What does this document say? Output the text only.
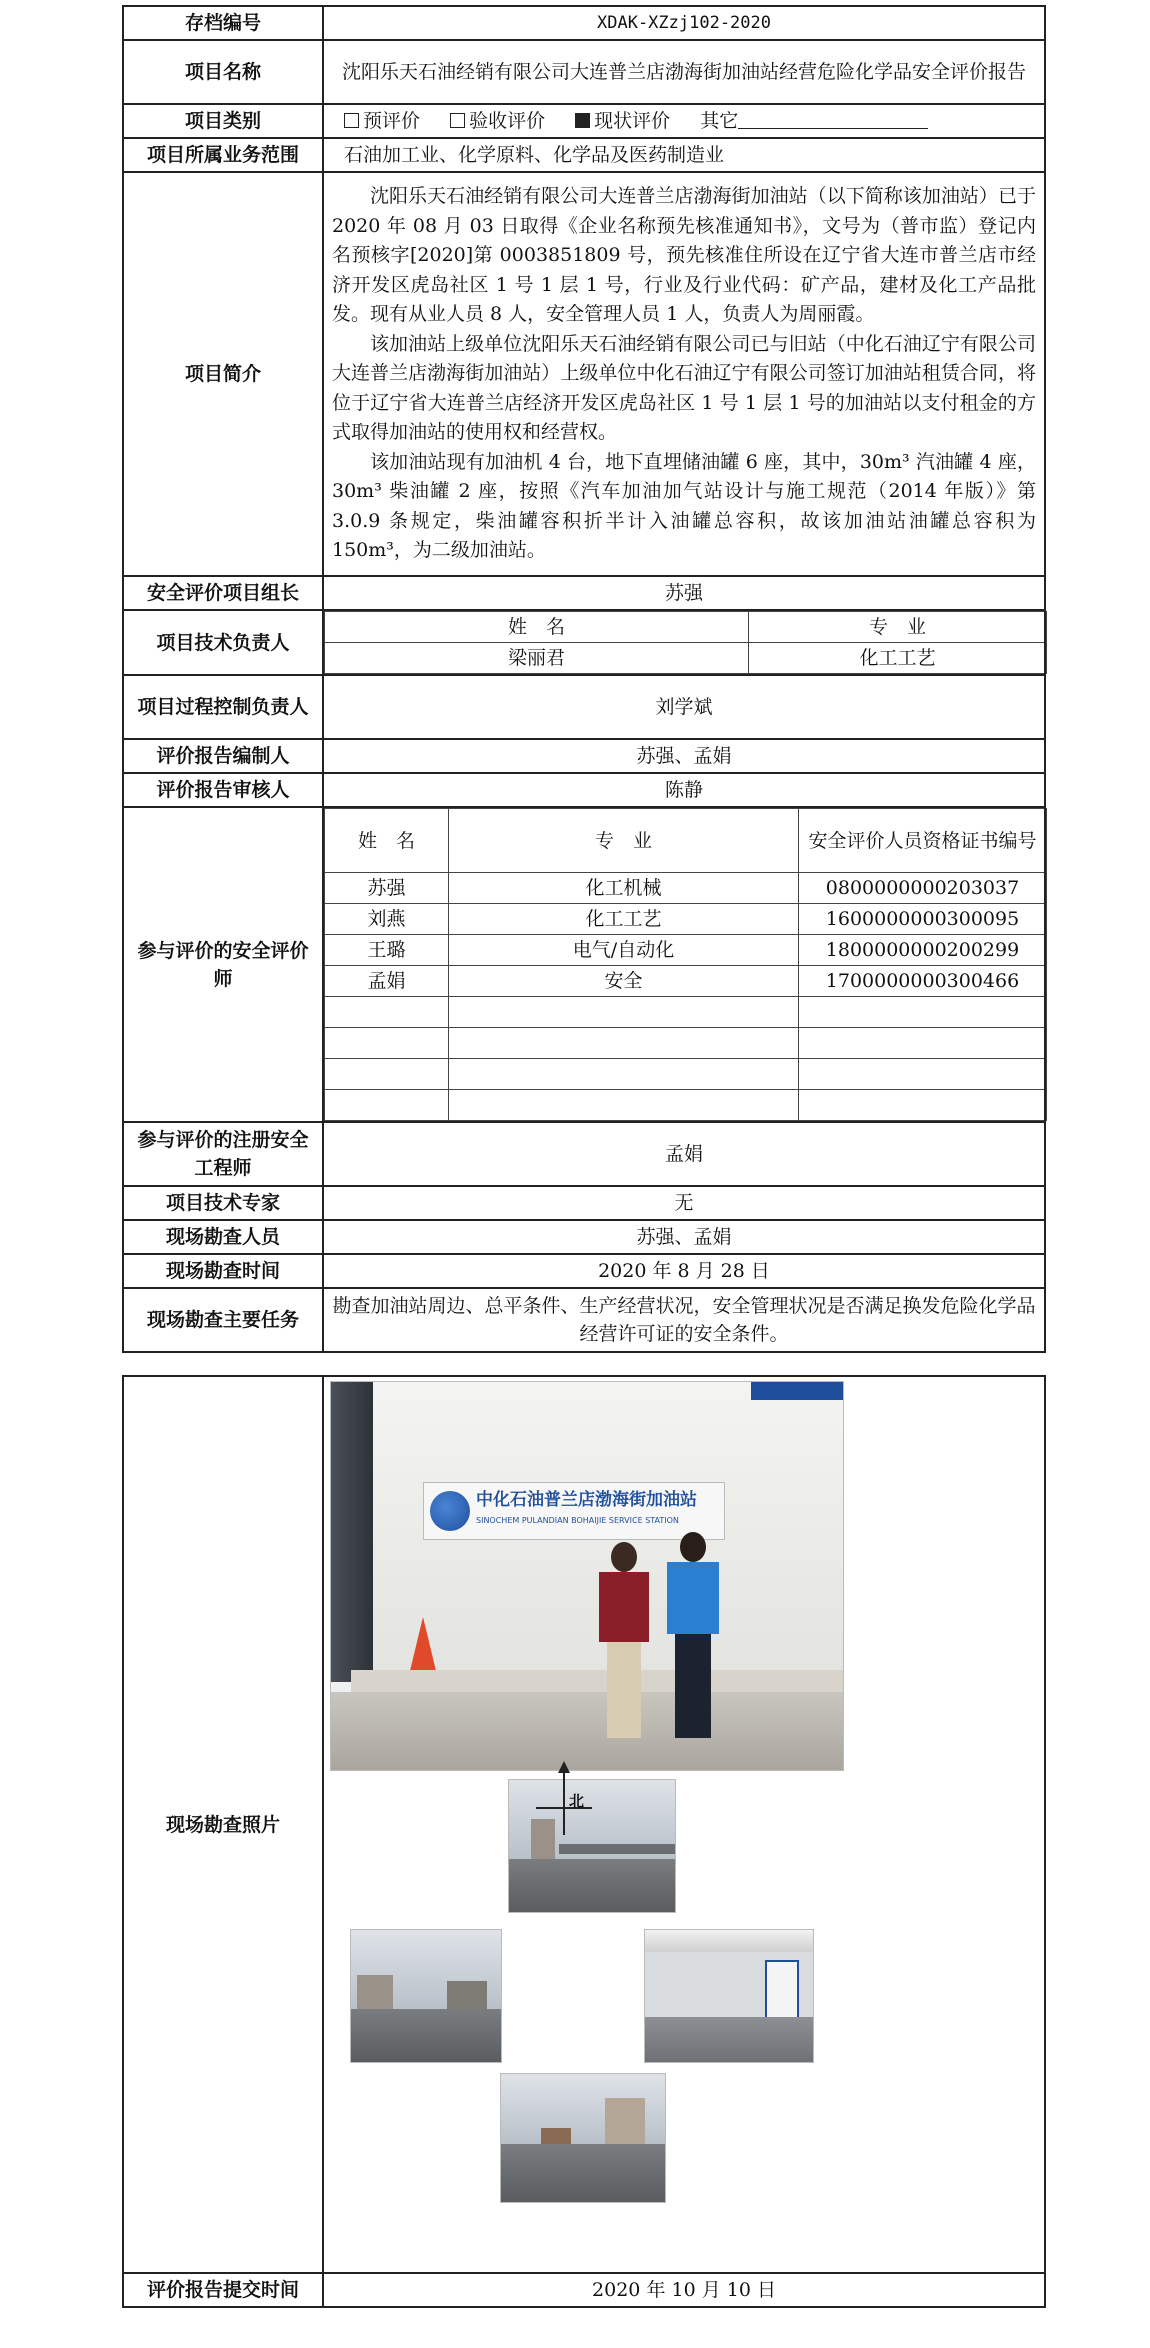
存档编号	XDAK-XZzj102-2020
项目名称	沈阳乐天石油经销有限公司大连普兰店渤海街加油站经营危险化学品安全评价报告
项目类别	预评价	验收评价	现状评价 其它
项目所属业务范围	石油加工业、化学原料、化学品及医药制造业
项目简介	

沈阳乐天石油经销有限公司大连普兰店渤海街加油站（以下简称该加油站）已于 2020 年 08 月 03 日取得《企业名称预先核准通知书》，文号为（普市监）登记内名预核字[2020]第 0003851809 号，预先核准住所设在辽宁省大连市普兰店市经济开发区虎岛社区 1 号 1 层 1 号，行业及行业代码：矿产品，建材及化工产品批发。现有从业人员 8 人，安全管理人员 1 人，负责人为周丽霞。

该加油站上级单位沈阳乐天石油经销有限公司已与旧站（中化石油辽宁有限公司大连普兰店渤海街加油站）上级单位中化石油辽宁有限公司签订加油站租赁合同，将位于辽宁省大连普兰店经济开发区虎岛社区 1 号 1 层 1 号的加油站以支付租金的方式取得加油站的使用权和经营权。

该加油站现有加油机 4 台，地下直埋储油罐 6 座，其中，30m³ 汽油罐 4 座，30m³ 柴油罐 2 座，按照《汽车加油加气站设计与施工规范（2014 年版）》第 3.0.9 条规定，柴油罐容积折半计入油罐总容积，故该加油站油罐总容积为 150m³，为二级加油站。

安全评价项目组长	苏强
项目技术负责人	
姓　名	专　业
梁丽君	化工工艺

项目过程控制负责人	刘学斌
评价报告编制人	苏强、孟娟
评价报告审核人	陈静
参与评价的安全评价师	
姓　名	专　业	安全评价人员资格证书编号
苏强	化工机械	0800000000203037
刘燕	化工工艺	1600000000300095
王璐	电气/自动化	1800000000200299
孟娟	安全	1700000000300466

参与评价的注册安全工程师	孟娟
项目技术专家	无
现场勘查人员	苏强、孟娟
现场勘查时间	2020 年 8 月 28 日
现场勘查主要任务	勘查加油站周边、总平条件、生产经营状况，安全管理状况是否满足换发危险化学品经营许可证的安全条件。
现场勘查照片	中化石油普兰店渤海街加油站
SINOCHEM PULANDIAN BOHAIJIE SERVICE STATION
北

评价报告提交时间	2020 年 10 月 10 日
